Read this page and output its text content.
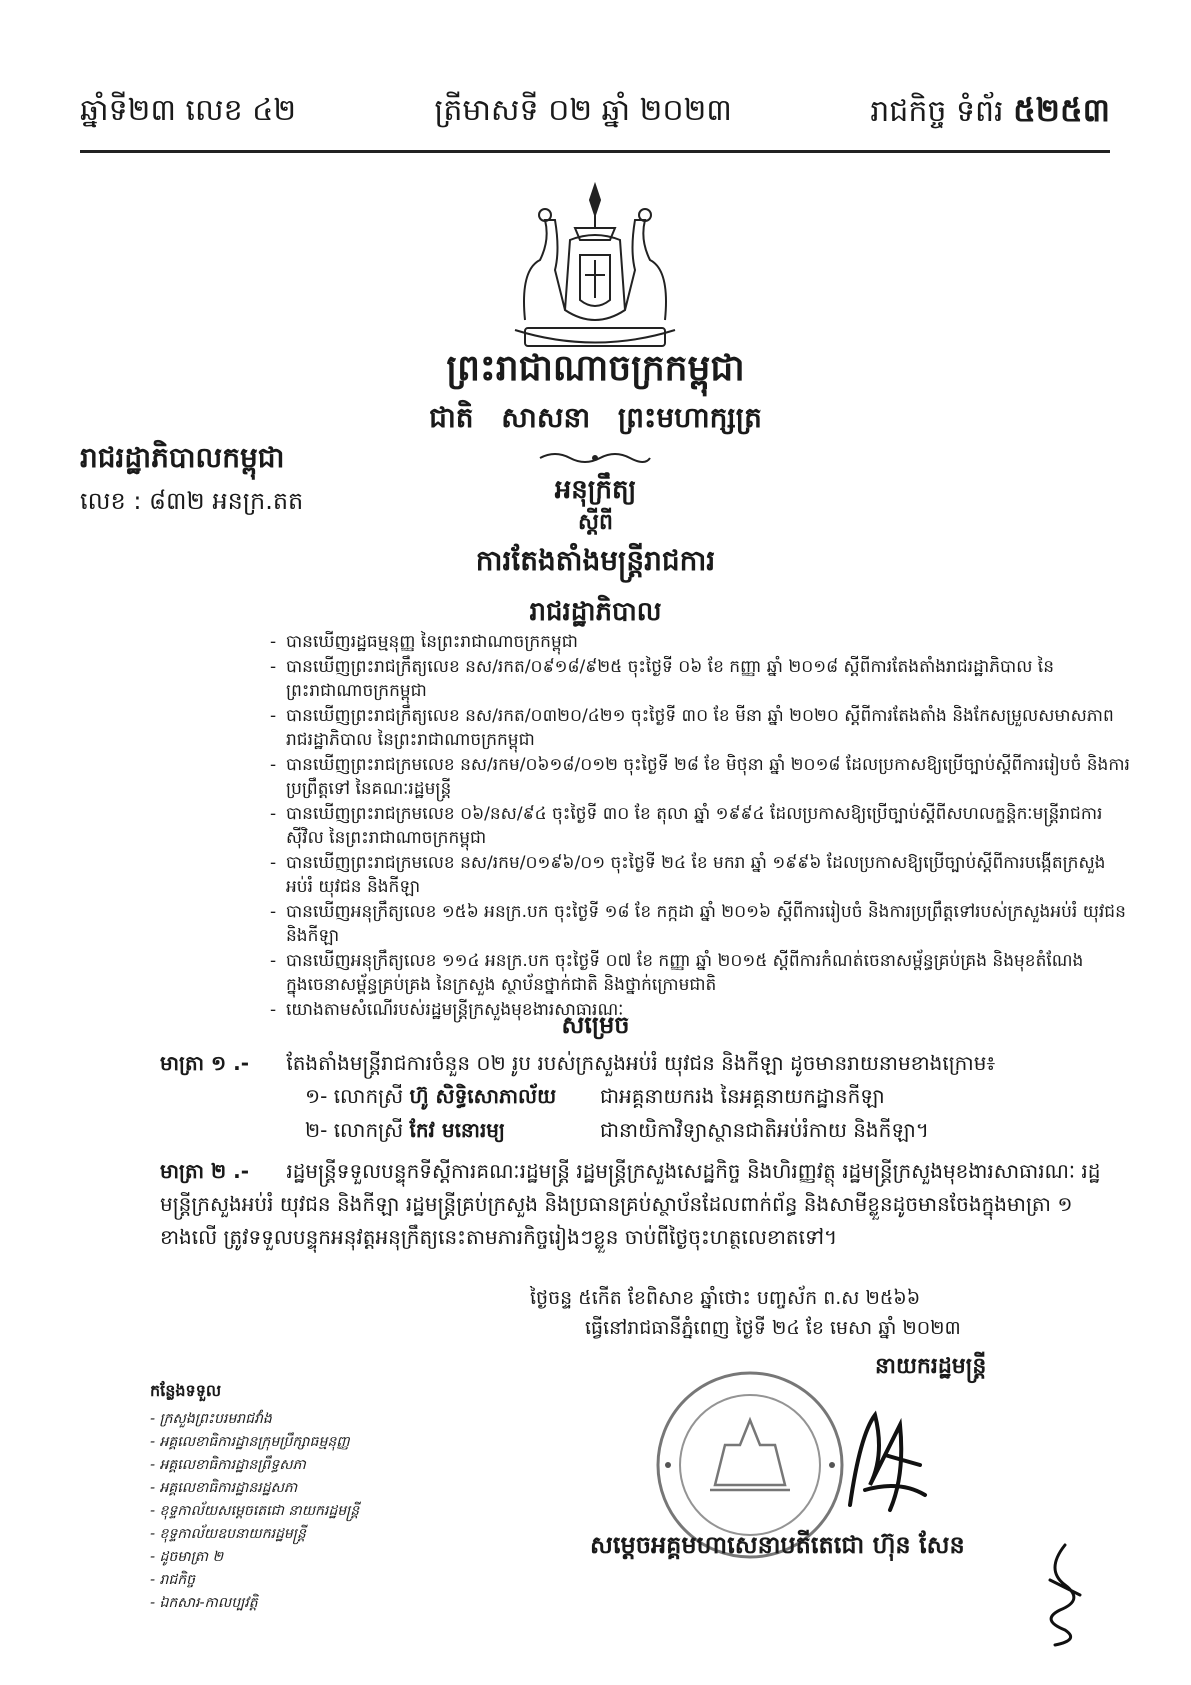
ឆ្នាំទី២៣ លេខ ៤២	ត្រីមាសទី ០២ ឆ្នាំ ២០២៣	រាជកិច្ច ទំព័រ ៥២៥៣
ព្រះរាជាណាចក្រកម្ពុជា
ជាតិ សាសនា ព្រះមហាក្សត្រ
រាជរដ្ឋាភិបាលកម្ពុជា
លេខ : ៨៣២ អនក្រ.តត	អនុក្រឹត្យ
ស្តីពី
ការតែងតាំងមន្ត្រីរាជការ
រាជរដ្ឋាភិបាល
- បានឃើញរដ្ឋធម្មនុញ្ញ នៃព្រះរាជាណាចក្រកម្ពុជា
- បានឃើញព្រះរាជក្រឹត្យលេខ នស/រកត/០៩១៨/៩២៥ ចុះថ្ងៃទី ០៦ ខែ កញ្ញា ឆ្នាំ ២០១៨ ស្តីពីការតែងតាំងរាជរដ្ឋាភិបាល នៃព្រះរាជាណាចក្រកម្ពុជា
- បានឃើញព្រះរាជក្រឹត្យលេខ នស/រកត/០៣២០/៤២១ ចុះថ្ងៃទី ៣០ ខែ មីនា ឆ្នាំ ២០២០ ស្តីពីការតែងតាំង និងកែសម្រួលសមាសភាពរាជរដ្ឋាភិបាល នៃព្រះរាជាណាចក្រកម្ពុជា
- បានឃើញព្រះរាជក្រមលេខ នស/រកម/០៦១៨/០១២ ចុះថ្ងៃទី ២៨ ខែ មិថុនា ឆ្នាំ ២០១៨ ដែលប្រកាសឱ្យប្រើច្បាប់ស្តីពីការរៀបចំ និងការប្រព្រឹត្តទៅ នៃគណៈរដ្ឋមន្ត្រី
- បានឃើញព្រះរាជក្រមលេខ ០៦/នស/៩៤ ចុះថ្ងៃទី ៣០ ខែ តុលា ឆ្នាំ ១៩៩៤ ដែលប្រកាសឱ្យប្រើច្បាប់ស្តីពីសហលក្ខន្តិកៈមន្ត្រីរាជការស៊ីវិល នៃព្រះរាជាណាចក្រកម្ពុជា
- បានឃើញព្រះរាជក្រមលេខ នស/រកម/០១៩៦/០១ ចុះថ្ងៃទី ២៤ ខែ មករា ឆ្នាំ ១៩៩៦ ដែលប្រកាសឱ្យប្រើច្បាប់ស្តីពីការបង្កើតក្រសួងអប់រំ យុវជន និងកីឡា
- បានឃើញអនុក្រឹត្យលេខ ១៥៦ អនក្រ.បក ចុះថ្ងៃទី ១៨ ខែ កក្កដា ឆ្នាំ ២០១៦ ស្តីពីការរៀបចំ និងការប្រព្រឹត្តទៅរបស់ក្រសួងអប់រំ យុវជន និងកីឡា
- បានឃើញអនុក្រឹត្យលេខ ១១៤ អនក្រ.បក ចុះថ្ងៃទី ០៧ ខែ កញ្ញា ឆ្នាំ ២០១៥ ស្តីពីការកំណត់ចេនាសម្ព័ន្ធគ្រប់គ្រង និងមុខតំណែងក្នុងចេនាសម្ព័ន្ធគ្រប់គ្រង នៃក្រសួង ស្ថាប័នថ្នាក់ជាតិ និងថ្នាក់ក្រោមជាតិ
- យោងតាមសំណើរបស់រដ្ឋមន្ត្រីក្រសួងមុខងារសាធារណៈ
សម្រេច
មាត្រា ១ .- តែងតាំងមន្ត្រីរាជការចំនួន ០២ រូប របស់ក្រសួងអប់រំ យុវជន និងកីឡា ដូចមានរាយនាមខាងក្រោម៖
១- លោកស្រី ហ៊ូ សិទ្ធិសោភាល័យ	ជាអគ្គនាយករង នៃអគ្គនាយកដ្ឋានកីឡា
២- លោកស្រី កែវ មនោរម្យ	ជានាយិកាវិទ្យាស្ថានជាតិអប់រំកាយ និងកីឡា។
មាត្រា ២ .- រដ្ឋមន្ត្រីទទួលបន្ទុកទីស្តីការគណៈរដ្ឋមន្ត្រី រដ្ឋមន្ត្រីក្រសួងសេដ្ឋកិច្ច និងហិរញ្ញវត្ថុ រដ្ឋមន្ត្រីក្រសួងមុខងារសាធារណៈ រដ្ឋមន្ត្រីក្រសួងអប់រំ យុវជន និងកីឡា រដ្ឋមន្ត្រីគ្រប់ក្រសួង និងប្រធានគ្រប់ស្ថាប័នដែលពាក់ព័ន្ធ និងសាមីខ្លួនដូចមានចែងក្នុងមាត្រា ១ ខាងលើ ត្រូវទទួលបន្ទុកអនុវត្តអនុក្រឹត្យនេះតាមភារកិច្ចរៀងៗខ្លួន ចាប់ពីថ្ងៃចុះហត្ថលេខាតទៅ។
ថ្ងៃចន្ទ ៥កើត ខែពិសាខ ឆ្នាំថោះ បញ្ចស័ក ព.ស ២៥៦៦
ធ្វើនៅរាជធានីភ្នំពេញ ថ្ងៃទី ២៤ ខែ មេសា ឆ្នាំ ២០២៣
នាយករដ្ឋមន្ត្រី
សម្តេចអគ្គមហាសេនាបតីតេជោ ហ៊ុន សែន
កន្លែងទទួល
- ក្រសួងព្រះបរមរាជវាំង
- អគ្គលេខាធិការដ្ឋានក្រុមប្រឹក្សាធម្មនុញ្ញ
- អគ្គលេខាធិការដ្ឋានព្រឹទ្ធសភា
- អគ្គលេខាធិការដ្ឋានរដ្ឋសភា
- ខុទ្ទកាល័យសម្តេចតេជោ នាយករដ្ឋមន្ត្រី
- ខុទ្ទកាល័យឧបនាយករដ្ឋមន្ត្រី
- ដូចមាត្រា ២
- រាជកិច្ច
- ឯកសារ-កាលប្បវត្តិ
